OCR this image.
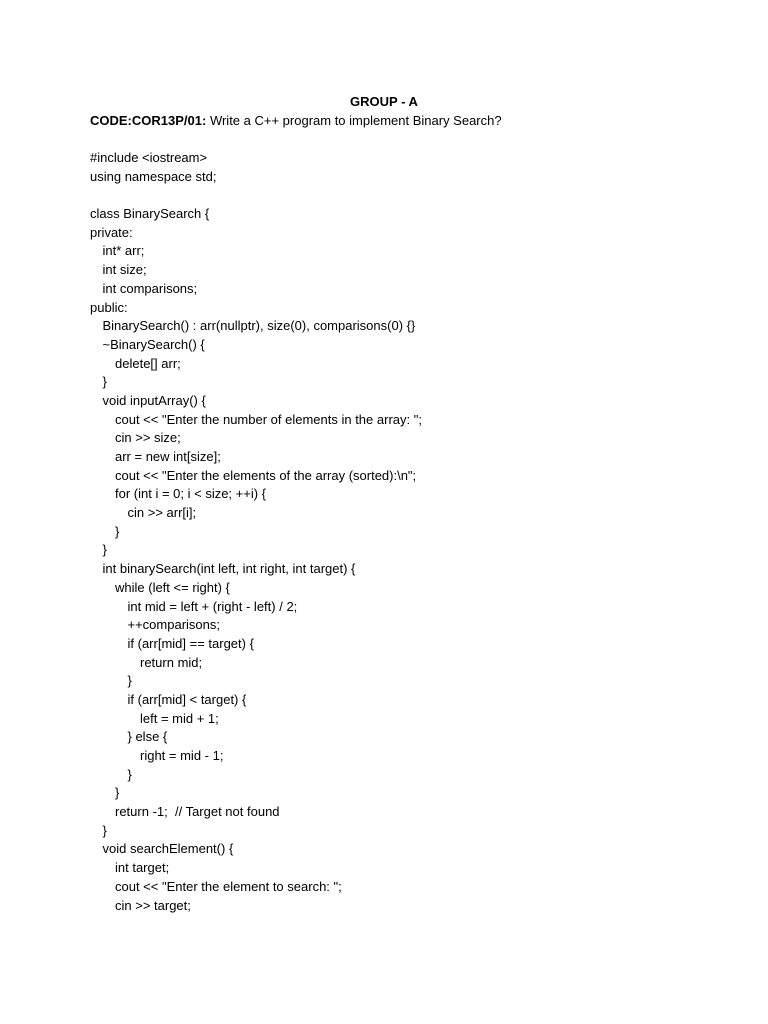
GROUP - A

CODE:COR13P/01: Write a C++ program to implement Binary Search?

#include <iostream>
using namespace std;
class BinarySearch {
private:
int* arr;
int size;
int comparisons;
public:
BinarySearch() : arr(nullptr), size(0), comparisons(0) {}
~BinarySearch() {
delete[] arr;
}
void inputArray() {
cout << "Enter the number of elements in the array: ";
cin >> size;
arr = new int[size];
cout << "Enter the elements of the array (sorted):\n";
for (int i = 0; i < size; ++i) {
cin >> arr[i];
}
}
int binarySearch(int left, int right, int target) {
while (left <= right) {
int mid = left + (right - left) / 2;
++comparisons;
if (arr[mid] == target) {
return mid;
}
if (arr[mid] < target) {
left = mid + 1;
} else {
right = mid - 1;
}
}
return -1;  // Target not found
}
void searchElement() {
int target;
cout << "Enter the element to search: ";
cin >> target;
